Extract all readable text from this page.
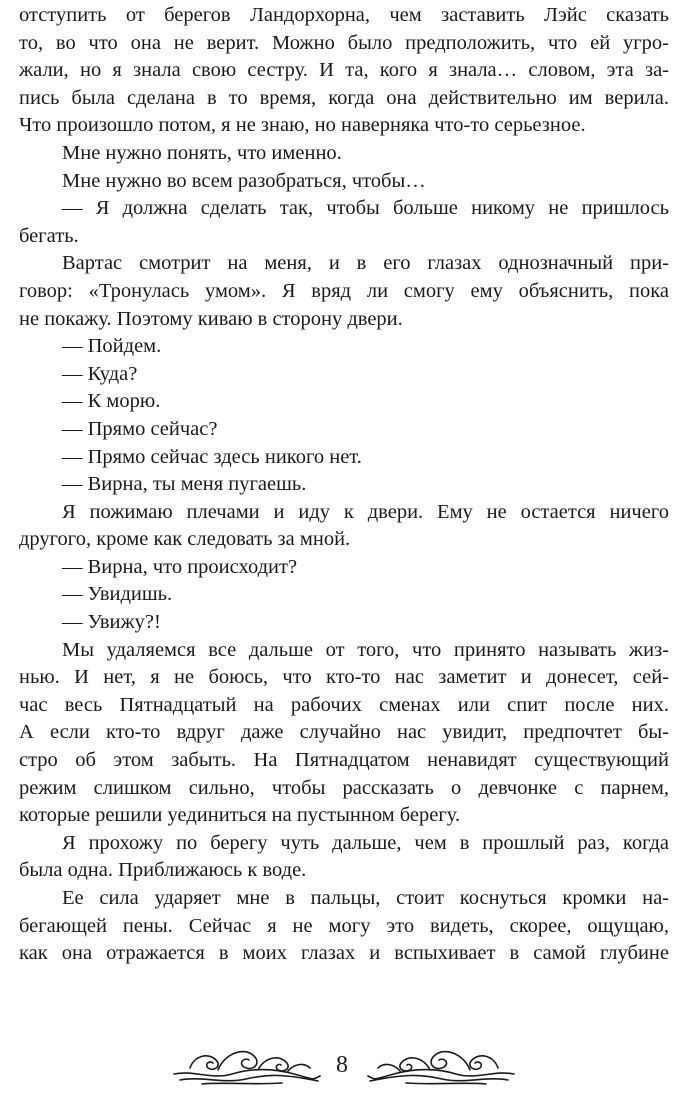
отступить от берегов Ландорхорна, чем заставить Лэйс сказать
то, во что она не верит. Можно было предположить, что ей угро-
жали, но я знала свою сестру. И та, кого я знала… словом, эта за-
пись была сделана в то время, когда она действительно им верила.
Что произошло потом, я не знаю, но наверняка что-то серьезное.
Мне нужно понять, что именно.
Мне нужно во всем разобраться, чтобы…
— Я должна сделать так, чтобы больше никому не пришлось
бегать.
Вартас смотрит на меня, и в его глазах однозначный при-
говор: «Тронулась умом». Я вряд ли смогу ему объяснить, пока
не покажу. Поэтому киваю в сторону двери.
— Пойдем.
— Куда?
— К морю.
— Прямо сейчас?
— Прямо сейчас здесь никого нет.
— Вирна, ты меня пугаешь.
Я пожимаю плечами и иду к двери. Ему не остается ничего
другого, кроме как следовать за мной.
— Вирна, что происходит?
— Увидишь.
— Увижу?!
Мы удаляемся все дальше от того, что принято называть жиз-
нью. И нет, я не боюсь, что кто-то нас заметит и донесет, сей-
час весь Пятнадцатый на рабочих сменах или спит после них.
А если кто-то вдруг даже случайно нас увидит, предпочтет бы-
стро об этом забыть. На Пятнадцатом ненавидят существующий
режим слишком сильно, чтобы рассказать о девчонке с парнем,
которые решили уединиться на пустынном берегу.
Я прохожу по берегу чуть дальше, чем в прошлый раз, когда
была одна. Приближаюсь к воде.
Ее сила ударяет мне в пальцы, стоит коснуться кромки на-
бегающей пены. Сейчас я не могу это видеть, скорее, ощущаю,
как она отражается в моих глазах и вспыхивает в самой глубине
8
